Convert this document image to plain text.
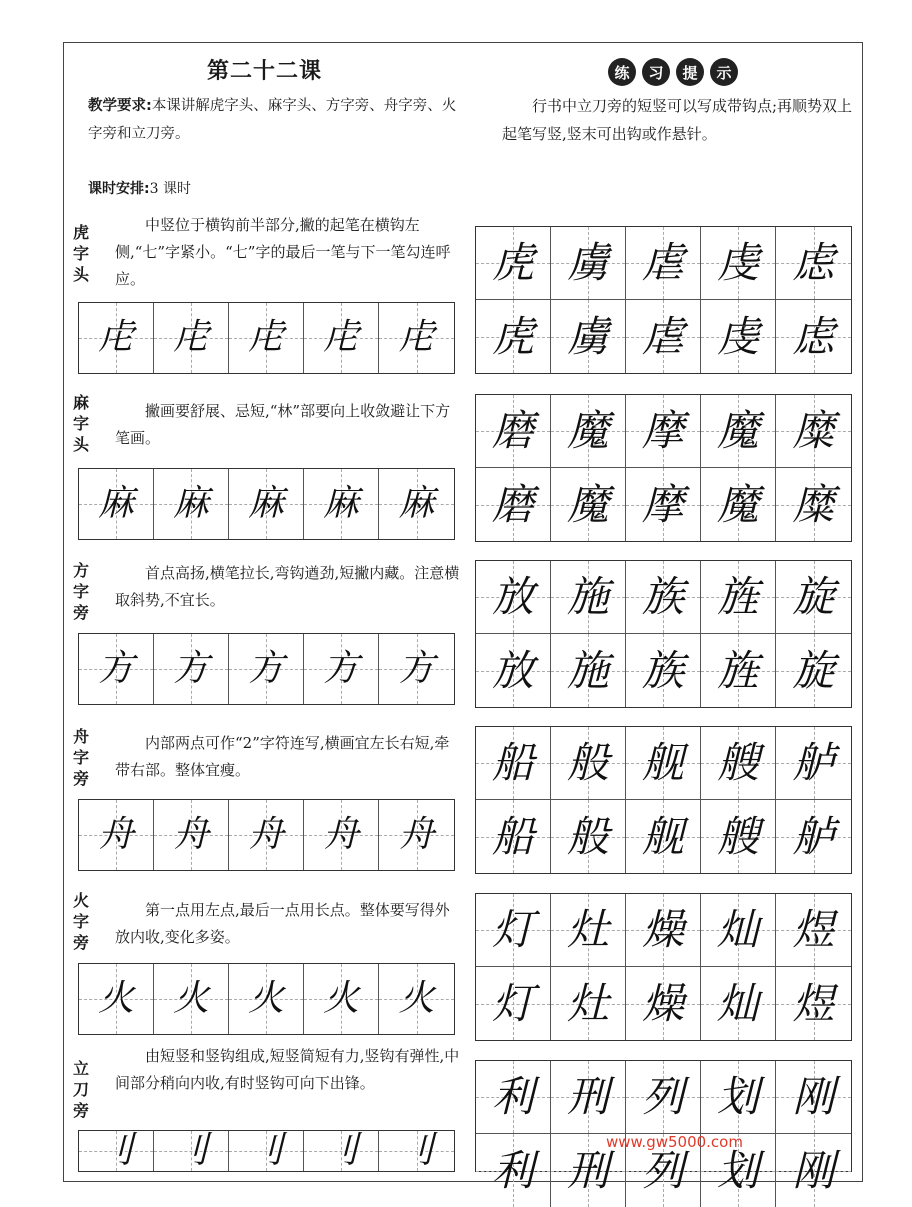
第二十二课
教学要求:本课讲解虎字头、麻字头、方字旁、舟字旁、火字旁和立刀旁。
课时安排:3 课时
练	习	提	示
行书中立刀旁的短竖可以写成带钩点;再顺势双上起笔写竖,竖末可出钩或作悬针。
虎字头
中竖位于横钩前半部分,撇的起笔在横钩左侧,“七”字紧小。“七”字的最后一笔与下一笔勾连呼应。
虍 虍 虍 虍 虍
虎 虜 虐 虔 虑
虎 虜 虐 虔 虑
麻字头
撇画要舒展、忌短,“林”部要向上收敛避让下方笔画。
麻 麻 麻 麻 麻
磨 魔 摩 魔 糜
磨 魔 摩 魔 糜
方字旁
首点高扬,横笔拉长,弯钩遒劲,短撇内藏。注意横取斜势,不宜长。
方 方 方 方 方
放 施 族 旌 旋
放 施 族 旌 旋
舟字旁
内部两点可作“2”字符连写,横画宜左长右短,牵带右部。整体宜瘦。
舟 舟 舟 舟 舟
船 般 舰 艘 舻
船 般 舰 艘 舻
火字旁
第一点用左点,最后一点用长点。整体要写得外放内收,变化多姿。
火 火 火 火 火
灯 灶 燥 灿 煜
灯 灶 燥 灿 煜
立刀旁
由短竖和竖钩组成,短竖简短有力,竖钩有弹性,中间部分稍向内收,有时竖钩可向下出锋。
刂 刂 刂 刂 刂
利 刑 列 划 刚
利 刑 列 划 刚
www.gw5000.com
